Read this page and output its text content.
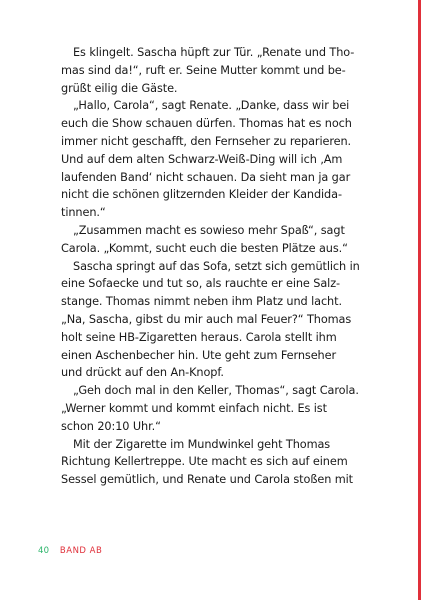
Es klingelt. Sascha hüpft zur Tür. „Renate und Tho-
mas sind da!“, ruft er. Seine Mutter kommt und be-
grüßt eilig die Gäste.

„Hallo, Carola“, sagt Renate. „Danke, dass wir bei
euch die Show schauen dürfen. Thomas hat es noch
immer nicht geschafft, den Fernseher zu reparieren.
Und auf dem alten Schwarz-Weiß-Ding will ich ‚Am
laufenden Band‘ nicht schauen. Da sieht man ja gar
nicht die schönen glitzernden Kleider der Kandida-
tinnen.“

„Zusammen macht es sowieso mehr Spaß“, sagt
Carola. „Kommt, sucht euch die besten Plätze aus.“

Sascha springt auf das Sofa, setzt sich gemütlich in
eine Sofaecke und tut so, als rauchte er eine Salz-
stange. Thomas nimmt neben ihm Platz und lacht.
„Na, Sascha, gibst du mir auch mal Feuer?“ Thomas
holt seine HB-Zigaretten heraus. Carola stellt ihm
einen Aschenbecher hin. Ute geht zum Fernseher
und drückt auf den An-Knopf.

„Geh doch mal in den Keller, Thomas“, sagt Carola.
„Werner kommt und kommt einfach nicht. Es ist
schon 20:10 Uhr.“

Mit der Zigarette im Mundwinkel geht Thomas
Richtung Kellertreppe. Ute macht es sich auf einem
Sessel gemütlich, und Renate und Carola stoßen mit

40 BAND AB
